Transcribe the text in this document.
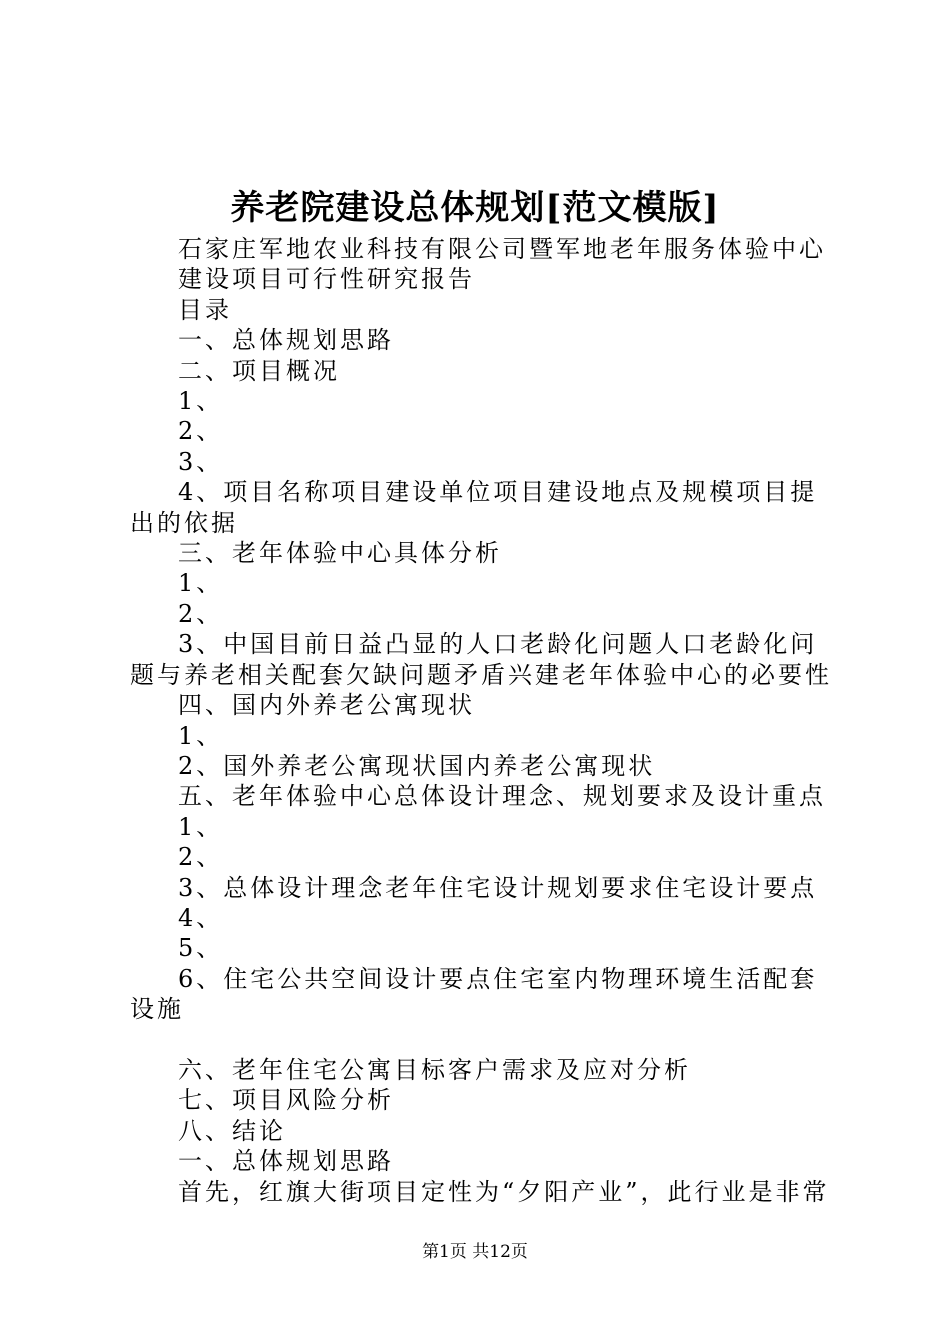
养老院建设总体规划[范文模版]

石家庄军地农业科技有限公司暨军地老年服务体验中心

建设项目可行性研究报告

目录

一、总体规划思路

二、项目概况

1、

2、

3、

4、项目名称项目建设单位项目建设地点及规模项目提出的依据

三、老年体验中心具体分析

1、

2、

3、中国目前日益凸显的人口老龄化问题人口老龄化问题与养老相关配套欠缺问题矛盾兴建老年体验中心的必要性

四、国内外养老公寓现状

1、

2、国外养老公寓现状国内养老公寓现状

五、老年体验中心总体设计理念、规划要求及设计重点

1、

2、

3、总体设计理念老年住宅设计规划要求住宅设计要点

4、

5、

6、住宅公共空间设计要点住宅室内物理环境生活配套设施

六、老年住宅公寓目标客户需求及应对分析

七、项目风险分析

八、结论

一、总体规划思路

首先，红旗大街项目定性为“夕阳产业”，此行业是非常

第1页 共12页
